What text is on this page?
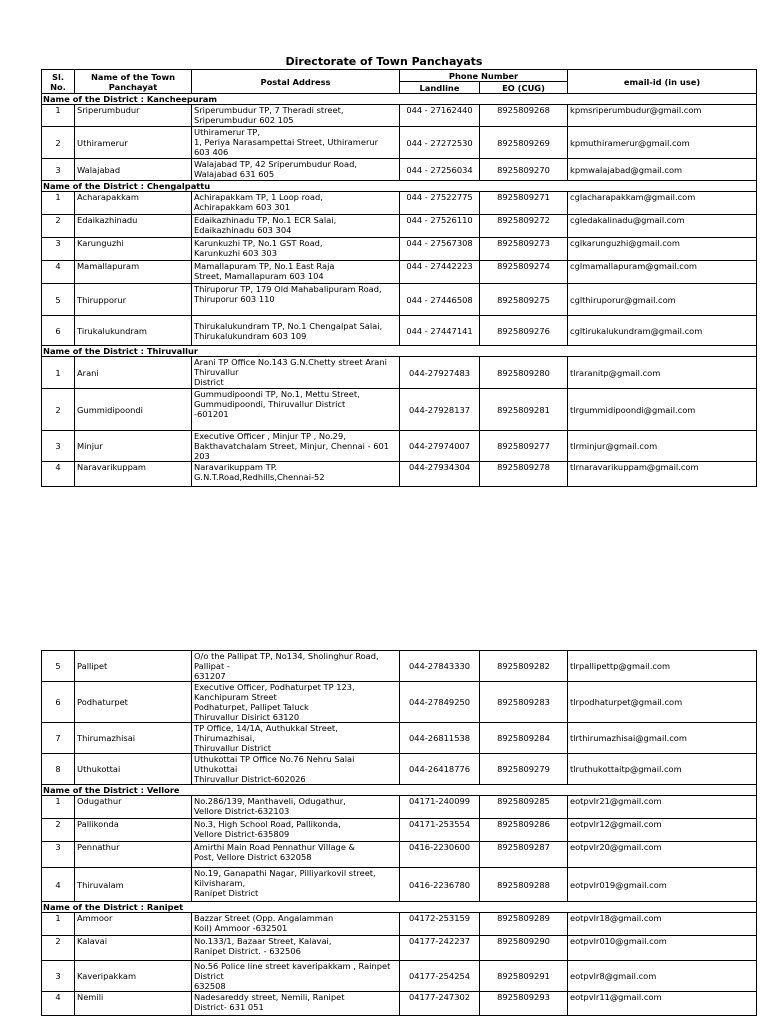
Directorate of Town Panchayats
Sl. No.	Name of the Town Panchayat	Postal Address	Phone Number		email-id (in use)
			Landline	EO (CUG)	
Name of the District : Kancheepuram					
1	Sriperumbudur	Sriperumbudur TP, 7 Theradi street,
Sriperumbudur 602 105	044 - 27162440	8925809268	kpmsriperumbudur@gmail.com
2	Uthiramerur	Uthiramerur TP,
1, Periya Narasampettai Street, Uthiramerur
603 406	044 - 27272530	8925809269	kpmuthiramerur@gmail.com
3	Walajabad	Walajabad TP, 42 Sriperumbudur Road,
Walajabad 631 605	044 - 27256034	8925809270	kpmwalajabad@gmail.com
Name of the District : Chengalpattu					
1	Acharapakkam	Achirapakkam TP, 1 Loop road,
Achirapakkam 603 301	044 - 27522775	8925809271	cglacharapakkam@gmail.com
2	Edaikazhinadu	Edaikazhinadu TP, No.1 ECR Salai,
Edaikazhinadu 603 304	044 - 27526110	8925809272	cgledakalinadu@gmail.com
3	Karunguzhi	Karunkuzhi TP, No.1 GST Road,
Karunkuzhi 603 303	044 - 27567308	8925809273	cglkarunguzhi@gmail.com
4	Mamallapuram	Mamallapuram TP, No.1 East Raja
Street, Mamallapuram 603 104	044 - 27442223	8925809274	cglmamallapuram@gmail.com
5	Thirupporur	Thiruporur TP, 179 Old Mahabalipuram Road,
Thiruporur 603 110	044 - 27446508	8925809275	cglthiruporur@gmail.com
6	Tirukalukundram	Thirukalukundram TP, No.1 Chengalpat Salai,
Thirukalukundram 603 109	044 - 27447141	8925809276	cgltirukalukundram@gmail.com
Name of the District : Thiruvallur					
1	Arani	Arani TP Office No.143 G.N.Chetty street Arani
Thiruvallur
District	044-27927483	8925809280	tlraranitp@gmail.com
2	Gummidipoondi	Gummudipoondi TP, No.1, Mettu Street,
Gummudipoondi, Thiruvallur District
-601201	044-27928137	8925809281	tlrgummidipoondi@gmail.com
3	Minjur	Executive Officer , Minjur TP , No.29,
Bakthavatchalam Street, Minjur, Chennai - 601
203	044-27974007	8925809277	tlrminjur@gmail.com
4	Naravarikuppam	Naravarikuppam TP.
G.N.T.Road,Redhills,Chennai-52	044-27934304	8925809278	tlrnaravarikuppam@gmail.com
5	Pallipet	O/o the Pallipat TP, No134, Sholinghur Road,
Pallipat -
631207	044-27843330	8925809282	tlrpallipettp@gmail.com
6	Podhaturpet	Executive Officer, Podhaturpet TP 123,
Kanchipuram Street
Podhaturpet, Pallipet Taluck
Thiruvallur Disirict 63120	044-27849250	8925809283	tlrpodhaturpet@gmail.com
7	Thirumazhisai	TP Office, 14/1A, Authukkal Street,
Thirumazhisai,
Thiruvallur District	044-26811538	8925809284	tlrthirumazhisai@gmail.com
8	Uthukottai	Uthukottai TP Office No.76 Nehru Salai
Uthukottai
Thiruvallur District-602026	044-26418776	8925809279	tlruthukottaitp@gmail.com
Name of the District : Vellore					
1	Odugathur	No.286/139, Manthaveli, Odugathur,
Vellore District-632103	04171-240099	8925809285	eotpvlr21@gmail.com
2	Pallikonda	No.3, High School Road, Pallikonda,
Vellore District-635809	04171-253554	8925809286	eotpvlr12@gmail.com
3	Pennathur	Amirthi Main Road Pennathur Village &
Post, Vellore District 632058	0416-2230600	8925809287	eotpvlr20@gmail.com
4	Thiruvalam	No.19, Ganapathi Nagar, Pilliyarkovil street,
Kilvisharam,
Ranipet District	0416-2236780	8925809288	eotpvlr019@gmail.com
Name of the District : Ranipet					
1	Ammoor	Bazzar Street (Opp. Angalamman
Koil) Ammoor -632501	04172-253159	8925809289	eotpvlr18@gmail.com
2	Kalavai	No.133/1, Bazaar Street, Kalavai,
Ranipet District. - 632506	04177-242237	8925809290	eotpvlr010@gmail.com
3	Kaveripakkam	No.56 Police line street kaveripakkam , Rainpet
District
632508	04177-254254	8925809291	eotpvlr8@gmail.com
4	Nemili	Nadesareddy street, Nemili, Ranipet
District- 631 051	04177-247302	8925809293	eotpvlr11@gmail.com
